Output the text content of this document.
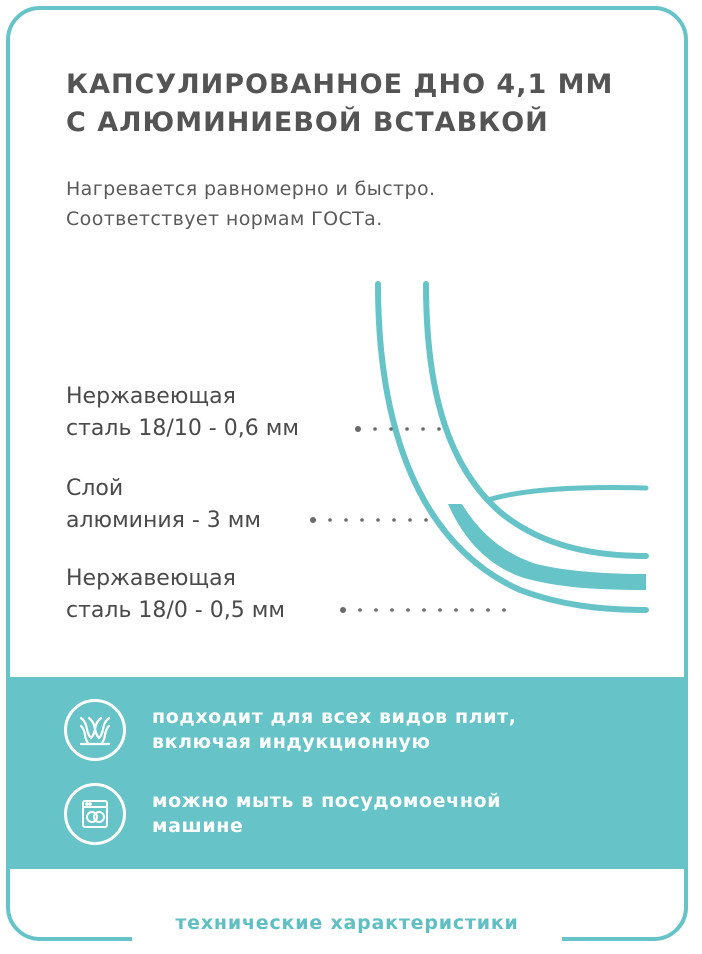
КАПСУЛИРОВАННОЕ ДНО 4,1 ММ
С АЛЮМИНИЕВОЙ ВСТАВКОЙ

Нагревается равномерно и быстро.
Соответствует нормам ГОСТа.

Нержавеющая
сталь 18/10 - 0,6 мм
Слой
алюминия - 3 мм
Нержавеющая
сталь 18/0 - 0,5 мм
подходит для всех видов плит,
включая индукционную
можно мыть в посудомоечной
машине
технические характеристики
